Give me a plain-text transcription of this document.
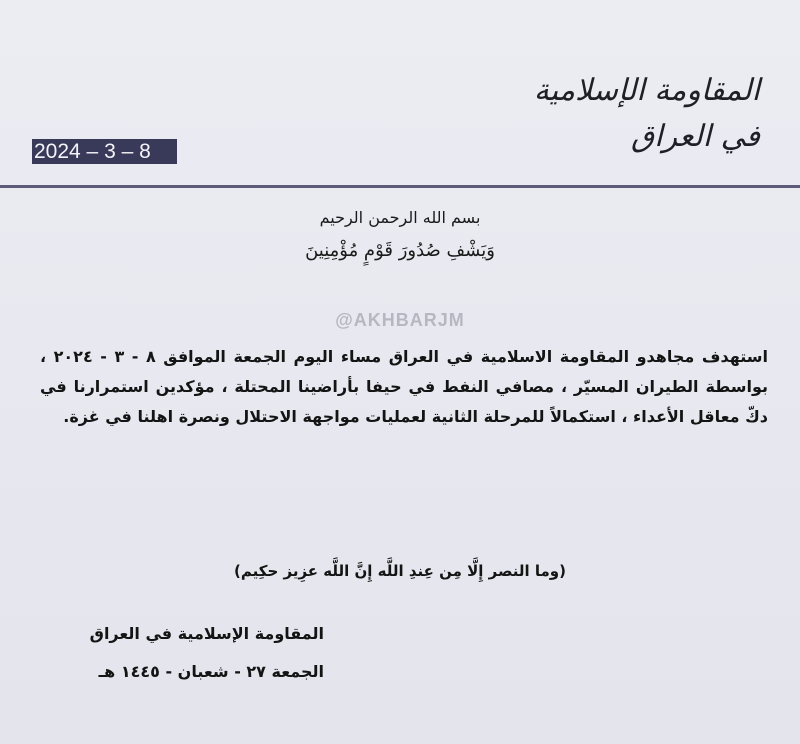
المقاومة الإسلامية في العراق
2024 – 3 – 8
بسم الله الرحمن الرحيم
وَيَشْفِ صُدُورَ قَوْمٍ مُؤْمِنِينَ
@AKHBARJM
استهدف مجاهدو المقاومة الاسلامية في العراق مساء اليوم الجمعة الموافق ٨ - ٣ - ٢٠٢٤ ، بواسطة الطيران المسيّر ، مصافي النفط في حيفا بأراضينا المحتلة ، مؤكدين استمرارنا في دكّ معاقل الأعداء ، استكمالاً للمرحلة الثانية لعمليات مواجهة الاحتلال ونصرة اهلنا في غزة.
(وما النصر إِلَّا مِن عِندِ اللَّه إِنَّ اللَّه عزِيز حكِيم)
المقاومة الإسلامية في العراق
الجمعة ٢٧ - شعبان - ١٤٤٥ هـ
